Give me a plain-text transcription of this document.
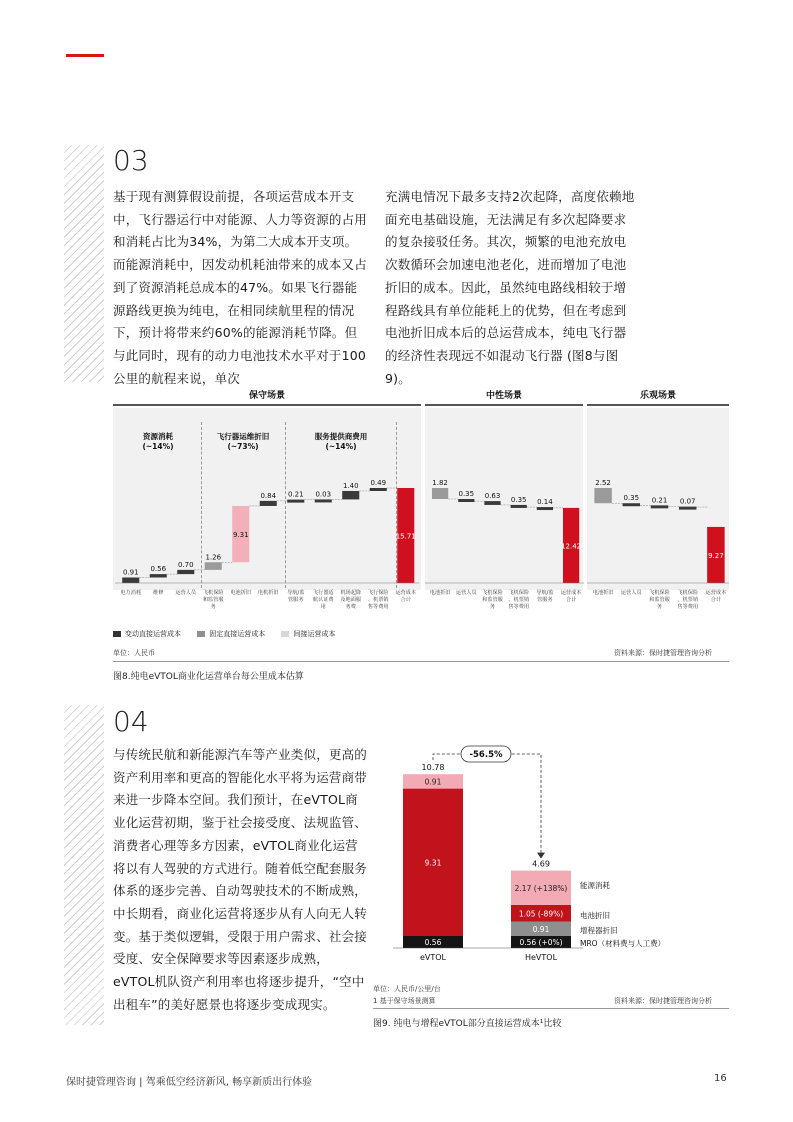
03

基于现有测算假设前提，各项运营成本开支中，飞行器运行中对能源、人力等资源的占用和消耗占比为34%，为第二大成本开支项。而能源消耗中，因发动机耗油带来的成本又占到了资源消耗总成本的47%。如果飞行器能源路线更换为纯电，在相同续航里程的情况下，预计将带来约60%的能源消耗节降。但与此同时，现有的动力电池技术水平对于100公里的航程来说，单次

充满电情况下最多支持2次起降，高度依赖地面充电基础设施，无法满足有多次起降要求的复杂接驳任务。其次，频繁的电池充放电次数循环会加速电池老化，进而增加了电池折旧的成本。因此，虽然纯电路线相较于增程路线具有单位能耗上的优势，但在考虑到电池折旧成本后的总运营成本，纯电飞行器的经济性表现远不如混动飞行器 (图8与图9)。

保守场景	中性场景	乐观场景
资源消耗
(~14%)
飞行器运维折旧
(~73%)
服务提供商费用
(~14%)
0.91
电力消耗
0.56
维修
0.70
运营人员
1.26
飞机保险
和监管服
务
9.31
电池折旧
0.84
电机折旧
0.21
导航/监
管服务
0.03
飞行器适
航认证费
用
1.40
机场起降
及地面服
务费
0.49
飞行保险
、机票销
售等费用
15.71
运营成本
合计
1.82
电池折旧
0.35
运营人员
0.63
飞机保险
和监管服
务
0.35
飞机保险
、机票销
售等费用
0.14
导航/监
管服务
12.42
运营成本
合计
2.52
电池折旧
0.35
运营人员
0.21
飞机保险
和监管服
务
0.07
飞机保险
、机票销
售等费用
9.27
运营成本
合计
变动直接运营成本	固定直接运营成本	间接运营成本
单位：人民币	资料来源：保时捷管理咨询分析
图8.纯电eVTOL商业化运营单台每公里成本估算
04

与传统民航和新能源汽车等产业类似，更高的资产利用率和更高的智能化水平将为运营商带来进一步降本空间。我们预计，在eVTOL商业化运营初期，鉴于社会接受度、法规监管、消费者心理等多方因素，eVTOL商业化运营将以有人驾驶的方式进行。随着低空配套服务体系的逐步完善、自动驾驶技术的不断成熟，中长期看，商业化运营将逐步从有人向无人转变。基于类似逻辑，受限于用户需求、社会接受度、安全保障要求等因素逐步成熟，eVTOL机队资产利用率也将逐步提升，“空中出租车”的美好愿景也将逐步变成现实。

0.56
9.31
0.91
10.78
eVTOL
0.56 (+0%)
0.91
1.05 (-89%)
2.17 (+138%)
4.69
HeVTOL
-56.5%
能源消耗
电池折旧
增程器折旧
MRO（材料费与人工费）
单位：人民币/公里/台
1 基于保守场景测算	资料来源：保时捷管理咨询分析
图9. 纯电与增程eVTOL部分直接运营成本¹比较
保时捷管理咨询 | 驾乘低空经济新风, 畅享新质出行体验	16
